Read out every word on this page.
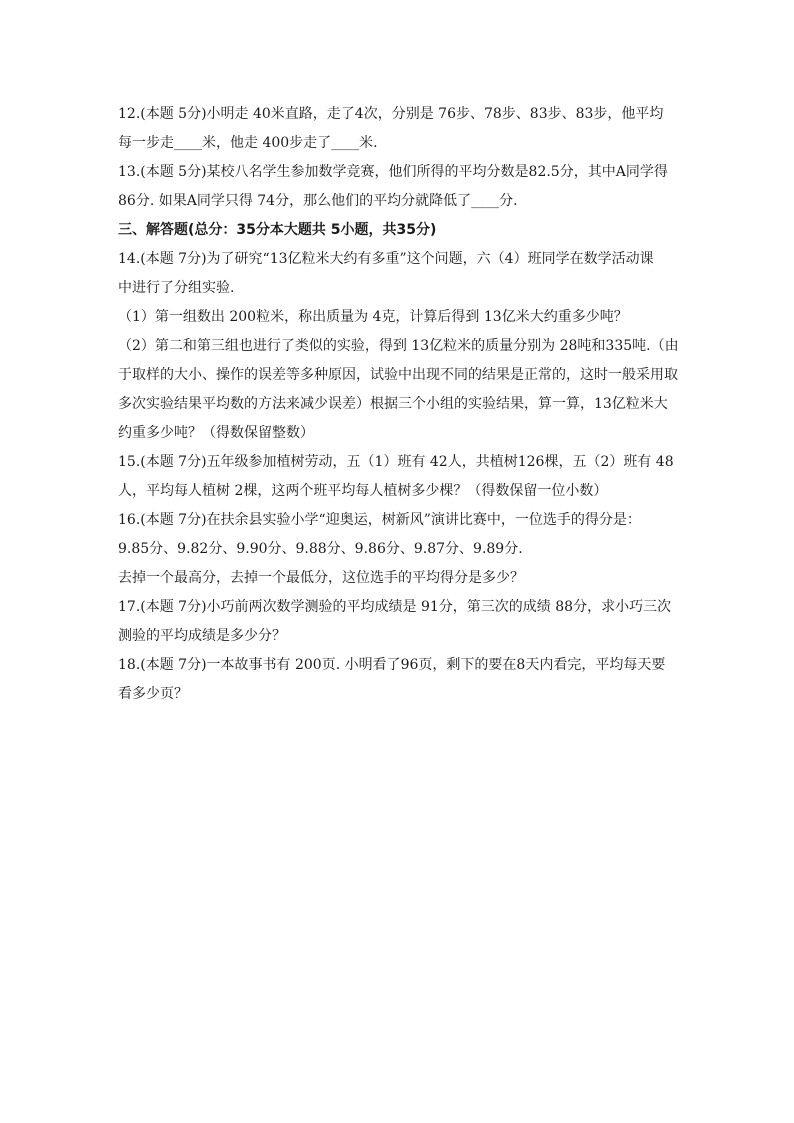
12.(本题 5分)小明走 40米直路，走了4次，分别是 76步、78步、83步、83步，他平均
每一步走____米，他走 400步走了____米.
13.(本题 5分)某校八名学生参加数学竞赛，他们所得的平均分数是82.5分，其中A同学得
86分. 如果A同学只得 74分，那么他们的平均分就降低了____分.
三、解答题(总分：35分本大题共 5小题，共35分)
14.(本题 7分)为了研究“13亿粒米大约有多重”这个问题，六（4）班同学在数学活动课
中进行了分组实验.
（1）第一组数出 200粒米，称出质量为 4克，计算后得到 13亿米大约重多少吨？
（2）第二和第三组也进行了类似的实验，得到 13亿粒米的质量分别为 28吨和335吨.（由
于取样的大小、操作的误差等多种原因，试验中出现不同的结果是正常的，这时一般采用取
多次实验结果平均数的方法来减少误差）根据三个小组的实验结果，算一算，13亿粒米大
约重多少吨？（得数保留整数）
15.(本题 7分)五年级参加植树劳动，五（1）班有 42人，共植树126棵，五（2）班有 48
人，平均每人植树 2棵，这两个班平均每人植树多少棵？（得数保留一位小数）
16.(本题 7分)在扶余县实验小学“迎奥运，树新风”演讲比赛中，一位选手的得分是：
9.85分、9.82分、9.90分、9.88分、9.86分、9.87分、9.89分.
去掉一个最高分，去掉一个最低分，这位选手的平均得分是多少？
17.(本题 7分)小巧前两次数学测验的平均成绩是 91分，第三次的成绩 88分，求小巧三次
测验的平均成绩是多少分？
18.(本题 7分)一本故事书有 200页. 小明看了96页，剩下的要在8天内看完，平均每天要
看多少页？
